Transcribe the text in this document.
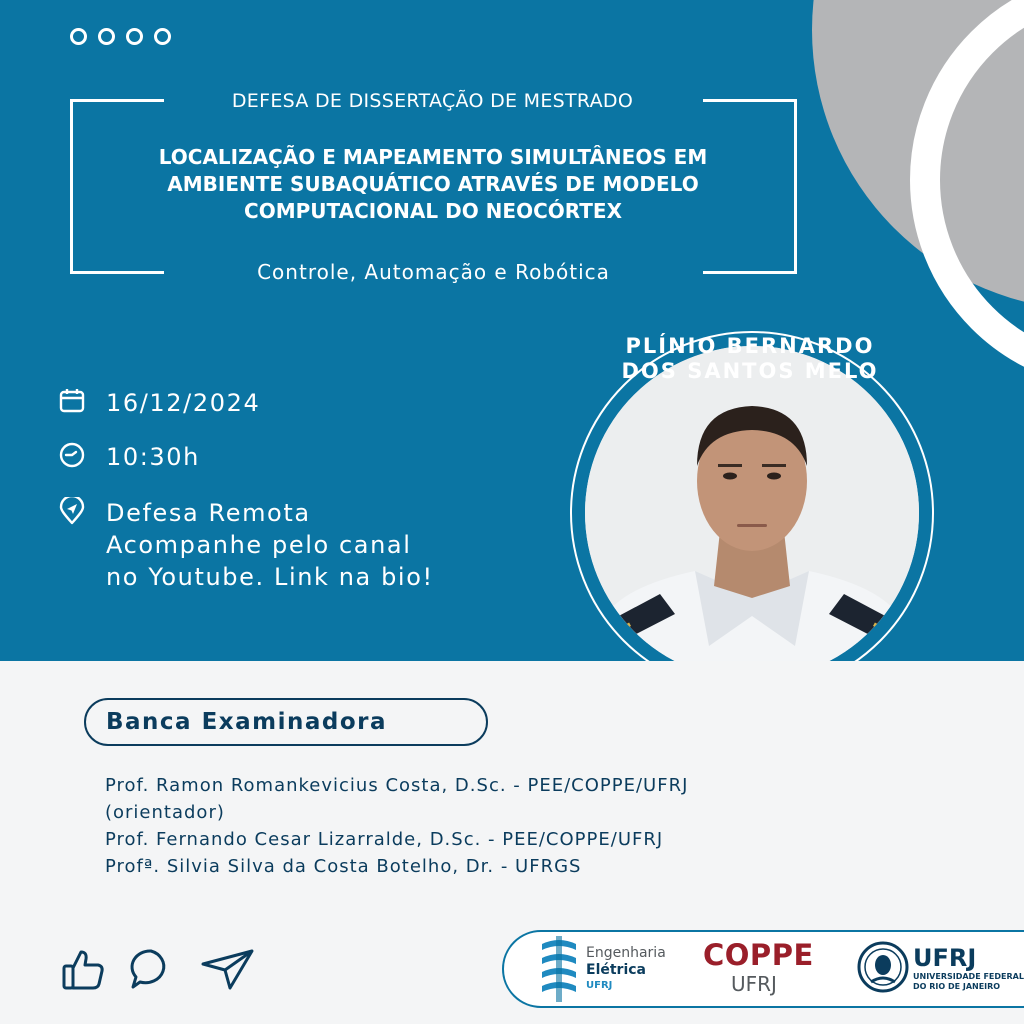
DEFESA DE DISSERTAÇÃO DE MESTRADO
LOCALIZAÇÃO E MAPEAMENTO SIMULTÂNEOS EM
AMBIENTE SUBAQUÁTICO ATRAVÉS DE MODELO
COMPUTACIONAL DO NEOCÓRTEX
Controle, Automação e Robótica
16/12/2024
10:30h
Defesa Remota
Acompanhe pelo canal
no Youtube. Link na bio!
PLÍNIO BERNARDO
DOS SANTOS MELO
Banca Examinadora
Prof. Ramon Romankevicius Costa, D.Sc. - PEE/COPPE/UFRJ
(orientador)
Prof. Fernando Cesar Lizarralde, D.Sc. - PEE/COPPE/UFRJ
Profª. Silvia Silva da Costa Botelho, Dr. - UFRGS
Engenharia
Elétrica
UFRJ
COPPE
UFRJ
UFRJ
UNIVERSIDADE FEDERAL
DO RIO DE JANEIRO
